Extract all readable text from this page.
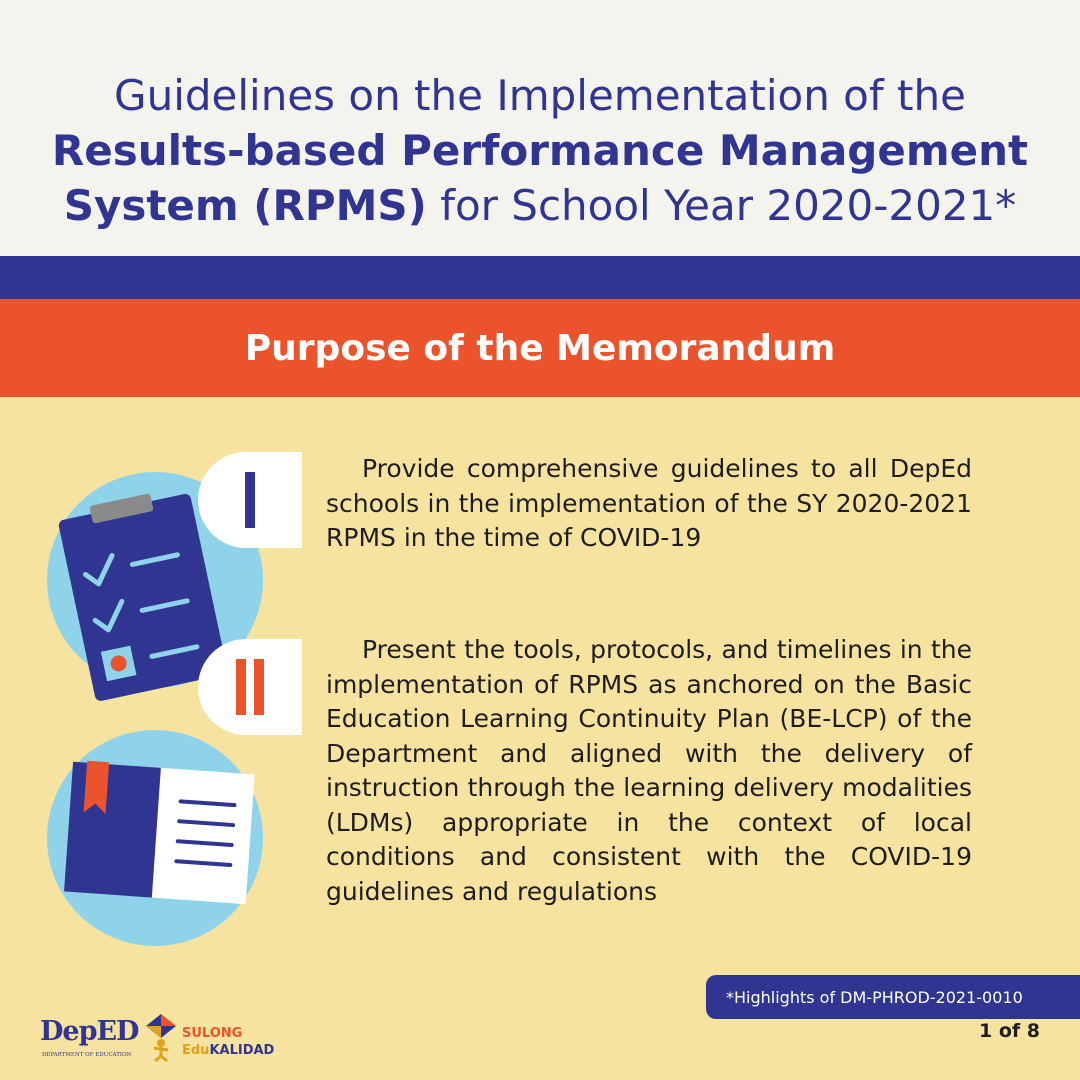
Guidelines on the Implementation of the
Results-based Performance Management
System (RPMS) for School Year 2020-2021*
Purpose of the Memorandum
Provide comprehensive guidelines to all DepEd schools in the implementation of the SY 2020-2021 RPMS in the time of COVID-19
Present the tools, protocols, and timelines in the implementation of RPMS as anchored on the Basic Education Learning Continuity Plan (BE-LCP) of the Department and aligned with the delivery of instruction through the learning delivery modalities (LDMs) appropriate in the context of local conditions and consistent with the COVID-19 guidelines and regulations
*Highlights of DM-PHROD-2021-0010
1 of 8
DepED
DEPARTMENT OF EDUCATION
SULONG
EduKALIDAD
